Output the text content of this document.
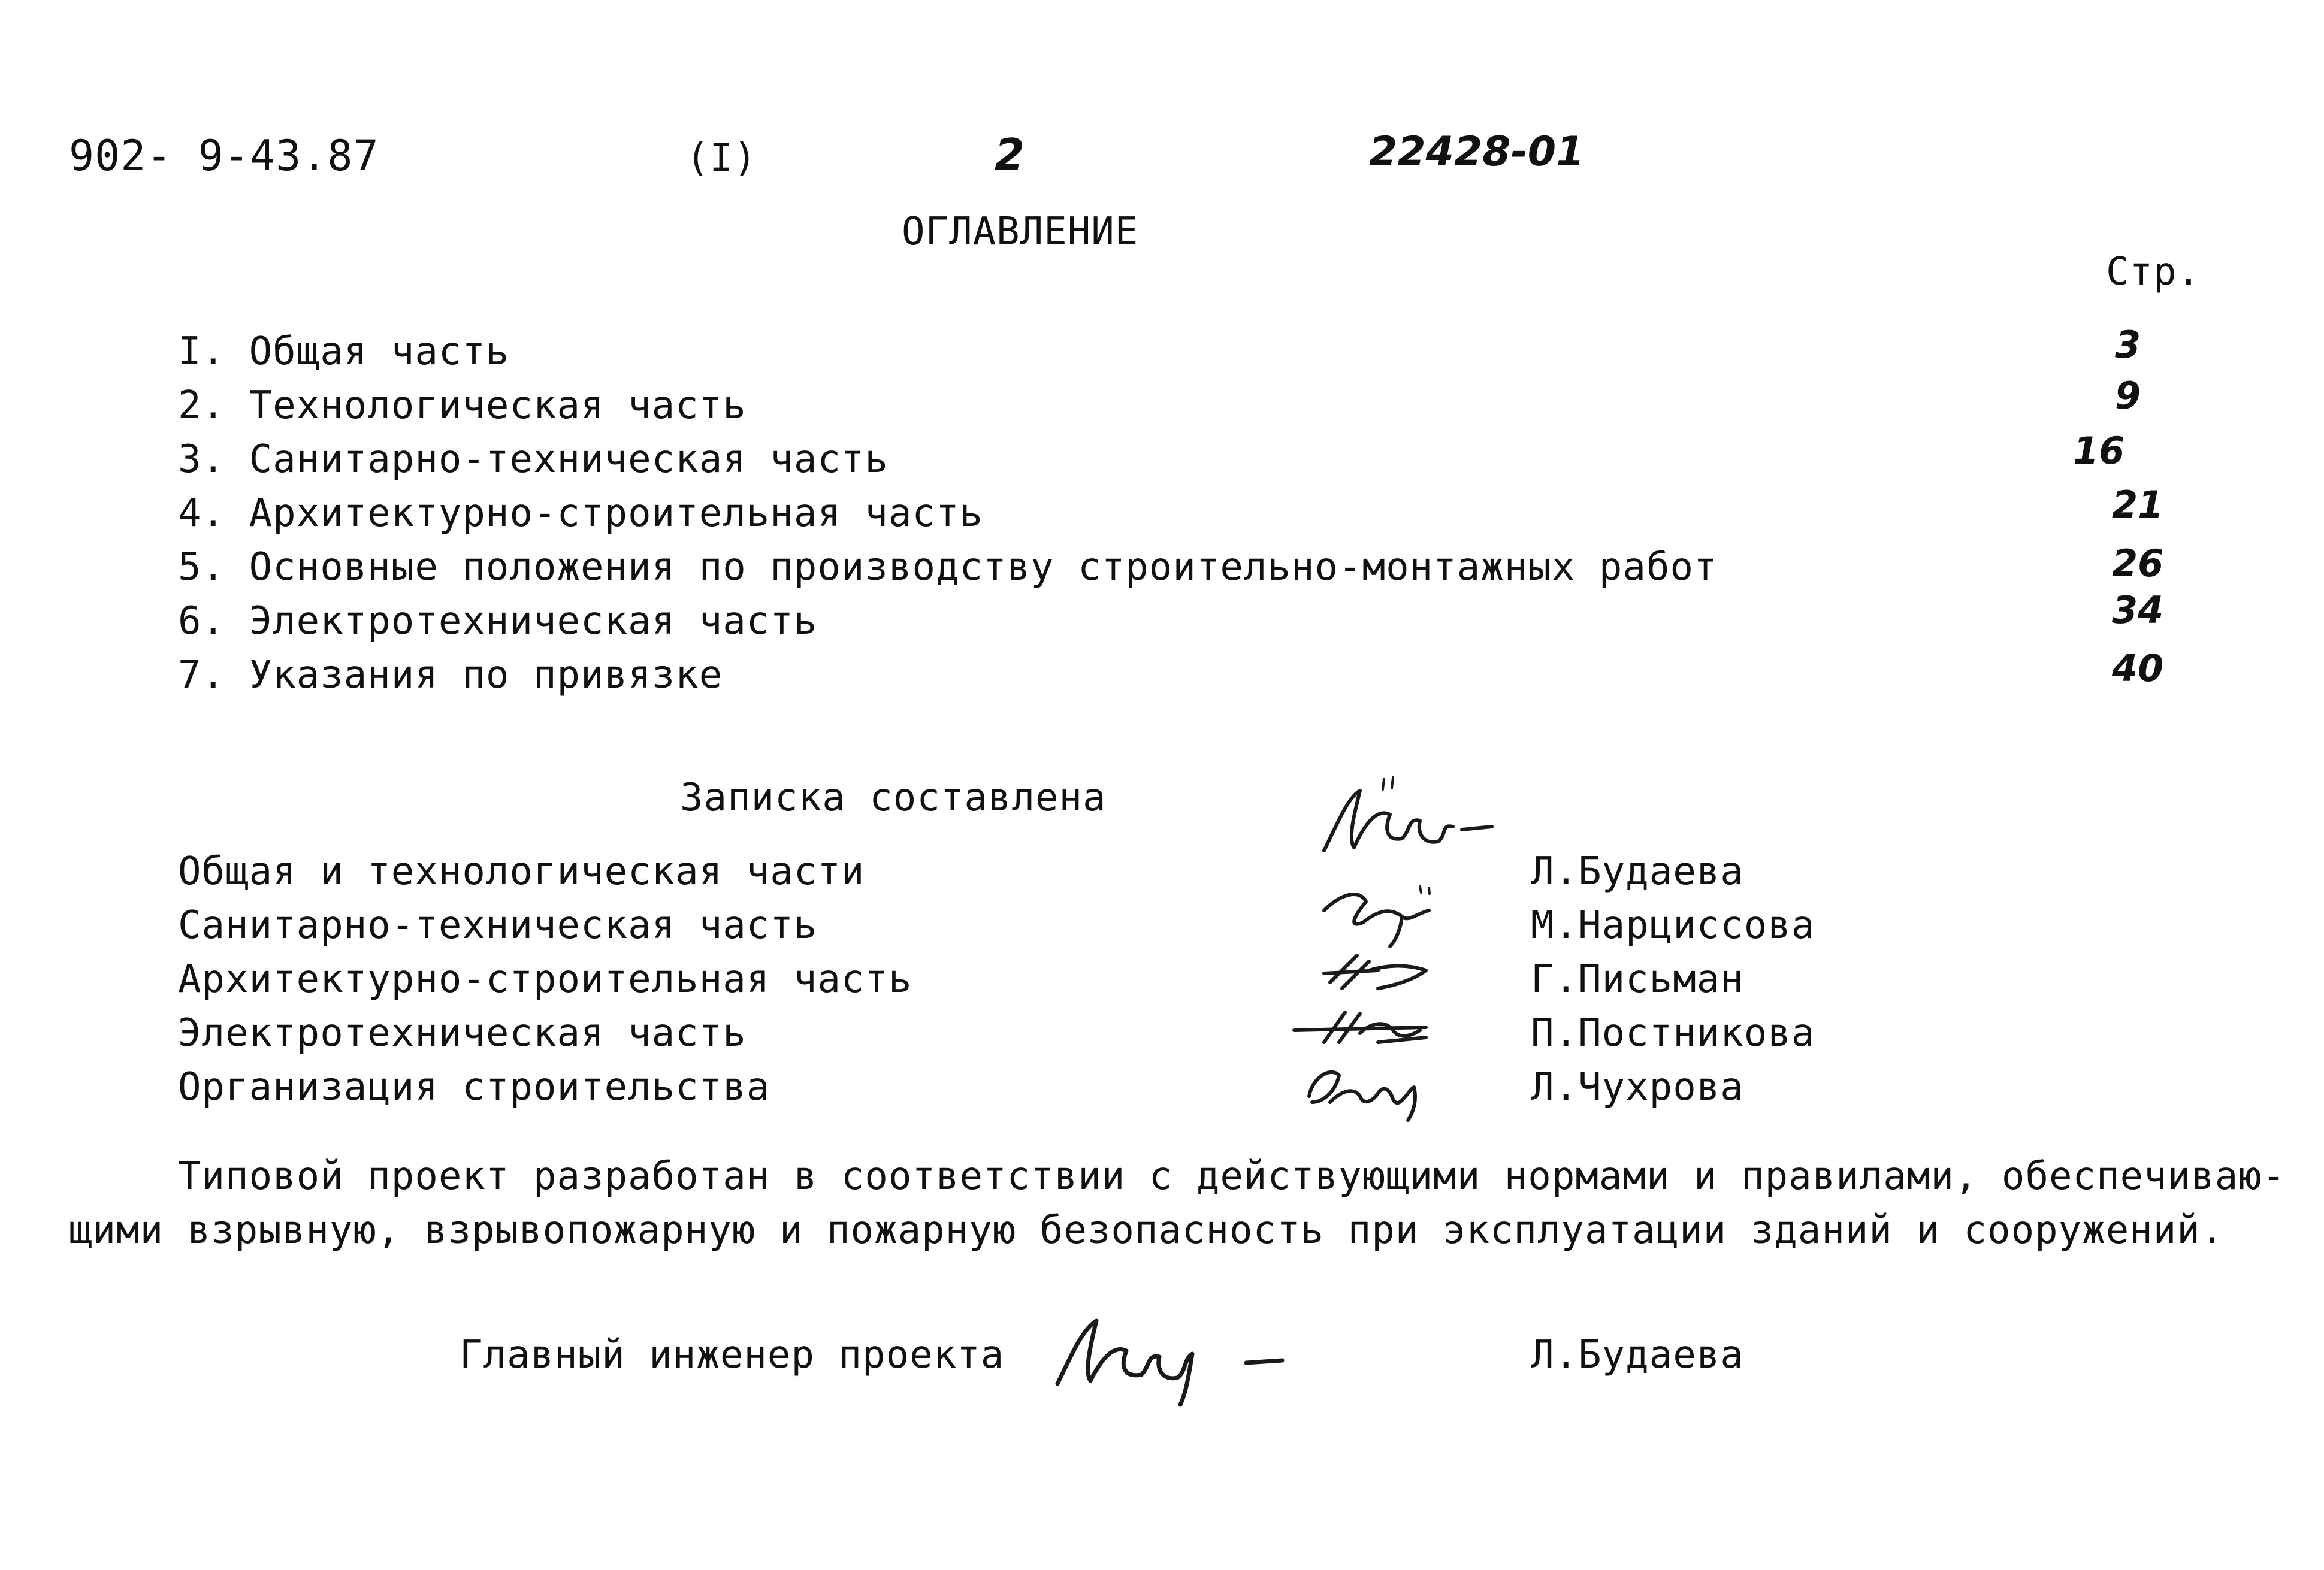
902- 9-43.87	(I)	2	22428-01
ОГЛАВЛЕНИЕ
Стр.
I. Общая часть	3
2. Технологическая часть	9
3. Санитарно-техническая часть	16
4. Архитектурно-строительная часть	21
5. Основные положения по производству строительно-монтажных работ	26
6. Электротехническая часть	34
7. Указания по привязке	40
Записка составлена
Общая и технологическая части	Л.Будаева
Санитарно-техническая часть	М.Нарциссова
Архитектурно-строительная часть	Г.Письман
Электротехническая часть	П.Постникова
Организация строительства	Л.Чухрова
Типовой проект разработан в соответствии с действующими нормами и правилами, обеспечиваю-
щими взрывную, взрывопожарную и пожарную безопасность при эксплуатации зданий и сооружений.
Главный инженер проекта	Л.Будаева
